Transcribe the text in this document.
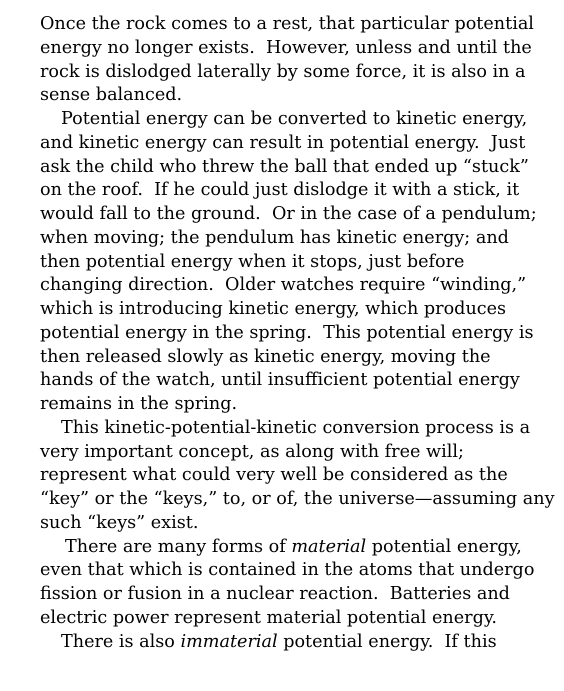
Once the rock comes to a rest, that particular potential
energy no longer exists.  However, unless and until the
rock is dislodged laterally by some force, it is also in a
sense balanced.
Potential energy can be converted to kinetic energy,
and kinetic energy can result in potential energy.  Just
ask the child who threw the ball that ended up “stuck”
on the roof.  If he could just dislodge it with a stick, it
would fall to the ground.  Or in the case of a pendulum;
when moving; the pendulum has kinetic energy; and
then potential energy when it stops, just before
changing direction.  Older watches require “winding,”
which is introducing kinetic energy, which produces
potential energy in the spring.  This potential energy is
then released slowly as kinetic energy, moving the
hands of the watch, until insufficient potential energy
remains in the spring.
This kinetic-potential-kinetic conversion process is a
very important concept, as along with free will;
represent what could very well be considered as the
“key” or the “keys,” to, or of, the universe—assuming any
such “keys” exist.
There are many forms of material potential energy,
even that which is contained in the atoms that undergo
fission or fusion in a nuclear reaction.  Batteries and
electric power represent material potential energy.
There is also immaterial potential energy.  If this
